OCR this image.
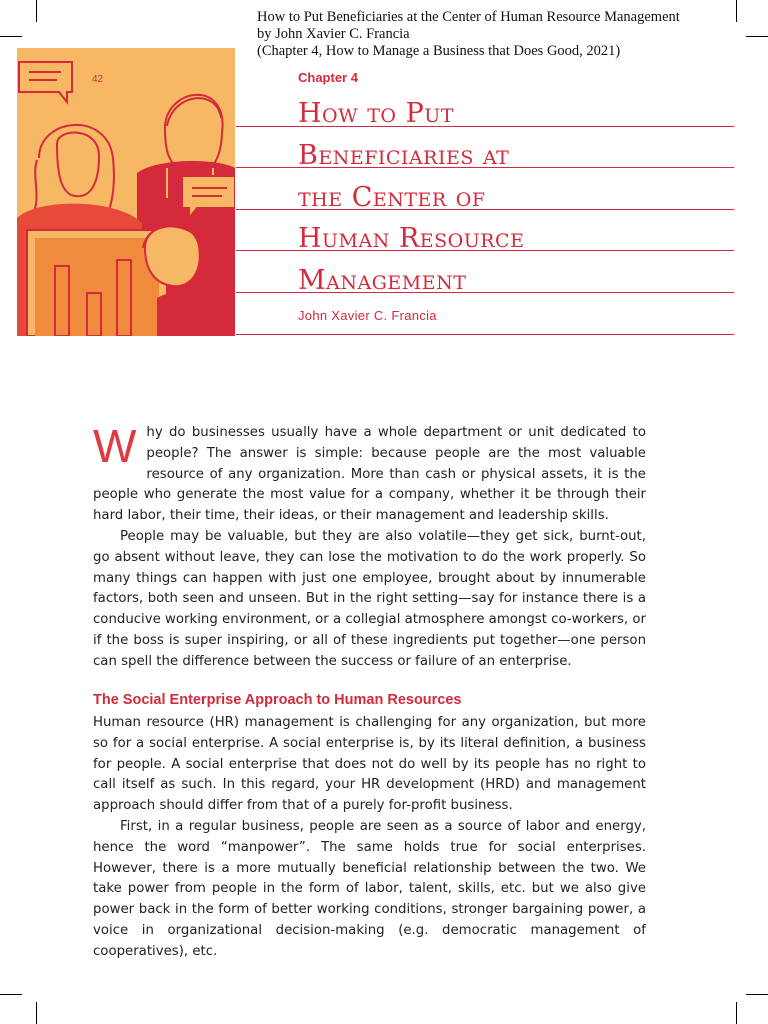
How to Put Beneficiaries at the Center of Human Resource Management
by John Xavier C. Francia
(Chapter 4, How to Manage a Business that Does Good, 2021)
42	Chapter 4
How to Put
Beneficiaries at
the Center of
Human Resource
Management
John Xavier C. Francia

Why do businesses usually have a whole department or unit dedicated to people? The answer is simple: because people are the most valuable resource of any organization. More than cash or physical assets, it is the people who generate the most value for a company, whether it be through their hard labor, their time, their ideas, or their management and leadership skills.

People may be valuable, but they are also volatile—they get sick, burnt-out, go absent without leave, they can lose the motivation to do the work properly. So many things can happen with just one employee, brought about by innumerable factors, both seen and unseen. But in the right setting—say for instance there is a conducive working environment, or a collegial atmosphere amongst co-workers, or if the boss is super inspiring, or all of these ingredients put together—one person can spell the difference between the success or failure of an enterprise.

The Social Enterprise Approach to Human Resources

Human resource (HR) management is challenging for any organization, but more so for a social enterprise. A social enterprise is, by its literal definition, a business for people. A social enterprise that does not do well by its people has no right to call itself as such. In this regard, your HR development (HRD) and management approach should differ from that of a purely for-profit business.

First, in a regular business, people are seen as a source of labor and energy, hence the word “manpower”. The same holds true for social enterprises. However, there is a more mutually beneficial relationship between the two. We take power from people in the form of labor, talent, skills, etc. but we also give power back in the form of better working conditions, stronger bargaining power, a voice in organizational decision-making (e.g. democratic management of cooperatives), etc.
